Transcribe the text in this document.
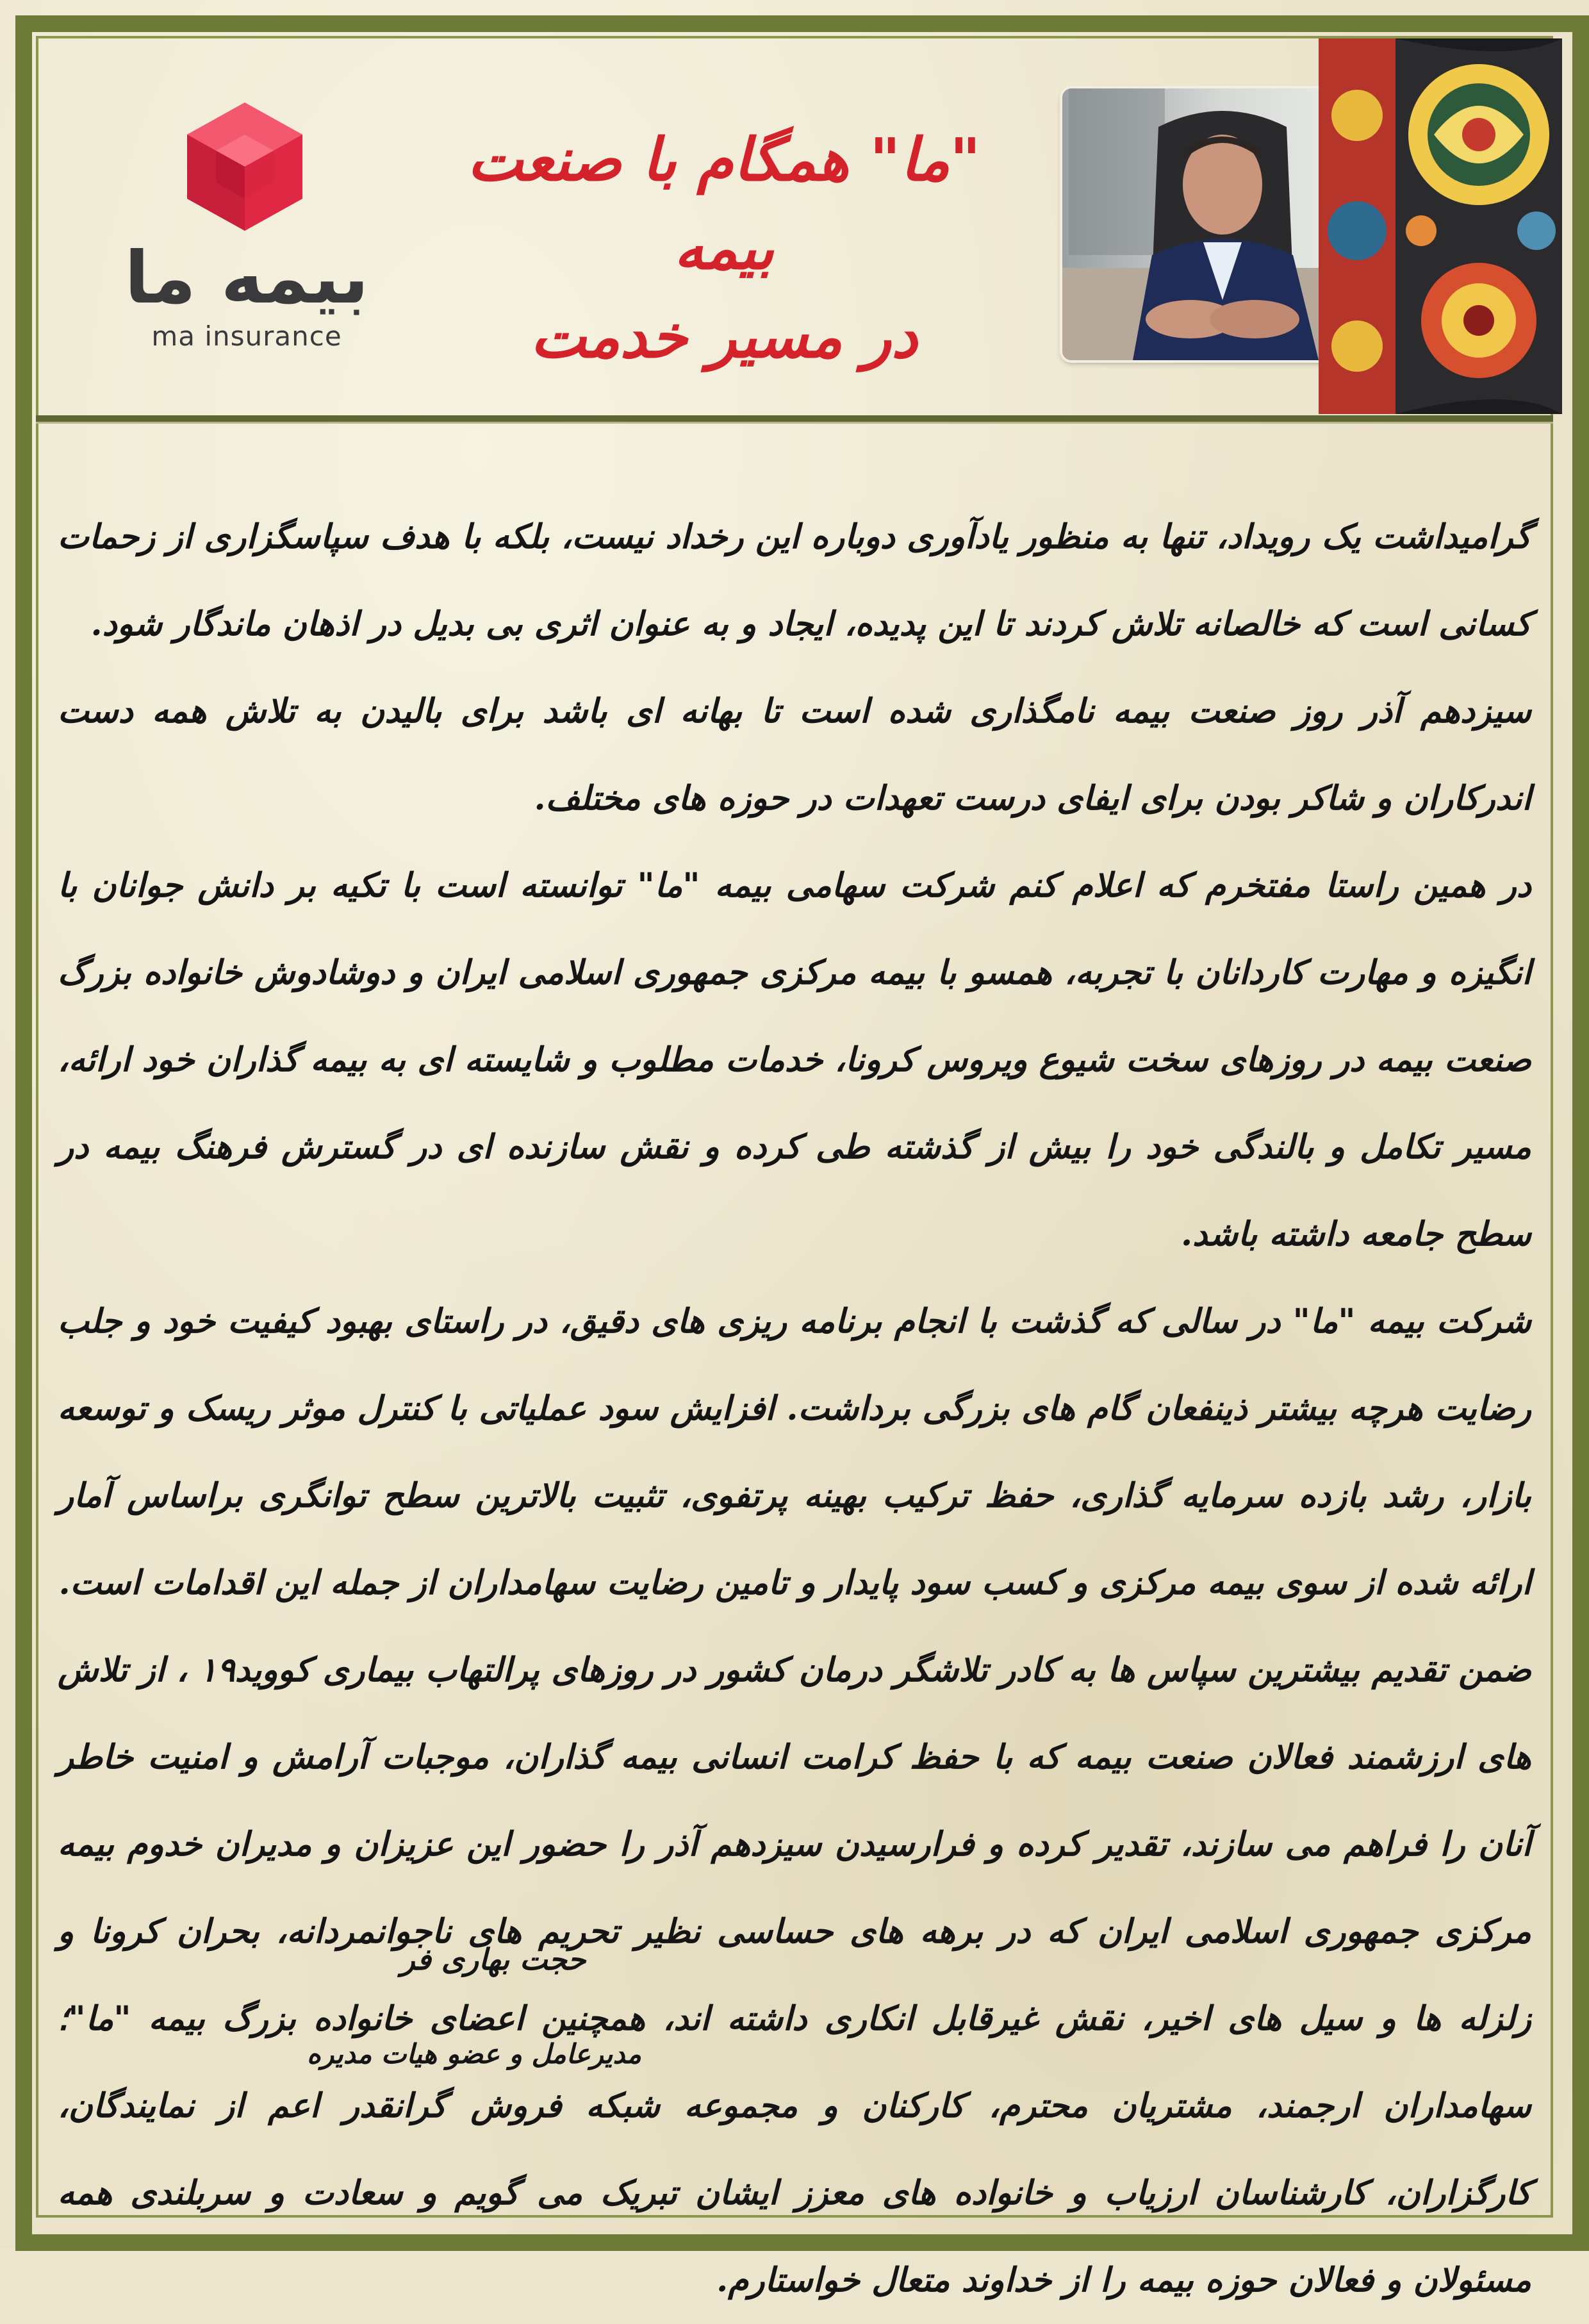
بیمه ما
ma insurance
"ما" همگام با صنعت بیمه
در مسیر خدمت

گرامیداشت یک رویداد، تنها به منظور یادآوری دوباره این رخداد نیست، بلکه با هدف سپاسگزاری از زحمات کسانی است که خالصانه تلاش کردند تا این پدیده، ایجاد و به عنوان اثری بی بدیل در اذهان ماندگار شود.

سیزدهم آذر روز صنعت بیمه نامگذاری شده است تا بهانه ای باشد برای بالیدن به تلاش همه دست اندرکاران و شاکر بودن برای ایفای درست تعهدات در حوزه های مختلف.

در همین راستا مفتخرم که اعلام کنم شرکت سهامی بیمه "ما" توانسته است با تکیه بر دانش جوانان با انگیزه و مهارت کاردانان با تجربه، همسو با بیمه مرکزی جمهوری اسلامی ایران و دوشادوش خانواده بزرگ صنعت بیمه در روزهای سخت شیوع ویروس کرونا، خدمات مطلوب و شایسته ای به بیمه گذاران خود ارائه، مسیر تکامل و بالندگی خود را بیش از گذشته طی کرده و نقش سازنده ای در گسترش فرهنگ بیمه در سطح جامعه داشته باشد.

شرکت بیمه "ما" در سالی که گذشت با انجام برنامه ریزی های دقیق، در راستای بهبود کیفیت خود و جلب رضایت هرچه بیشتر ذینفعان گام های بزرگی برداشت. افزایش سود عملیاتی با کنترل موثر ریسک و توسعه بازار، رشد بازده سرمایه گذاری، حفظ ترکیب بهینه پرتفوی، تثبیت بالاترین سطح توانگری براساس آمار ارائه شده از سوی بیمه مرکزی و کسب سود پایدار و تامین رضایت سهامداران از جمله این اقدامات است.

ضمن تقدیم بیشترین سپاس ها به کادر تلاشگر درمان کشور در روزهای پرالتهاب بیماری کووید۱۹ ، از تلاش های ارزشمند فعالان صنعت بیمه که با حفظ کرامت انسانی بیمه گذاران، موجبات آرامش و امنیت خاطر آنان را فراهم می سازند، تقدیر کرده و فرارسیدن سیزدهم آذر را حضور این عزیزان و مدیران خدوم بیمه مرکزی جمهوری اسلامی ایران که در برهه های حساسی نظیر تحریم های ناجوانمردانه، بحران کرونا و زلزله ها و سیل های اخیر، نقش غیرقابل انکاری داشته اند، همچنین اعضای خانواده بزرگ بیمه "ما"؛ سهامداران ارجمند، مشتریان محترم، کارکنان و مجموعه شبکه فروش گرانقدر اعم از نمایندگان، کارگزاران، کارشناسان ارزیاب و خانواده های معزز ایشان تبریک می گویم و سعادت و سربلندی همه مسئولان و فعالان حوزه بیمه را از خداوند متعال خواستارم.

حجت بهاری فر
مدیرعامل و عضو هیات مدیره
